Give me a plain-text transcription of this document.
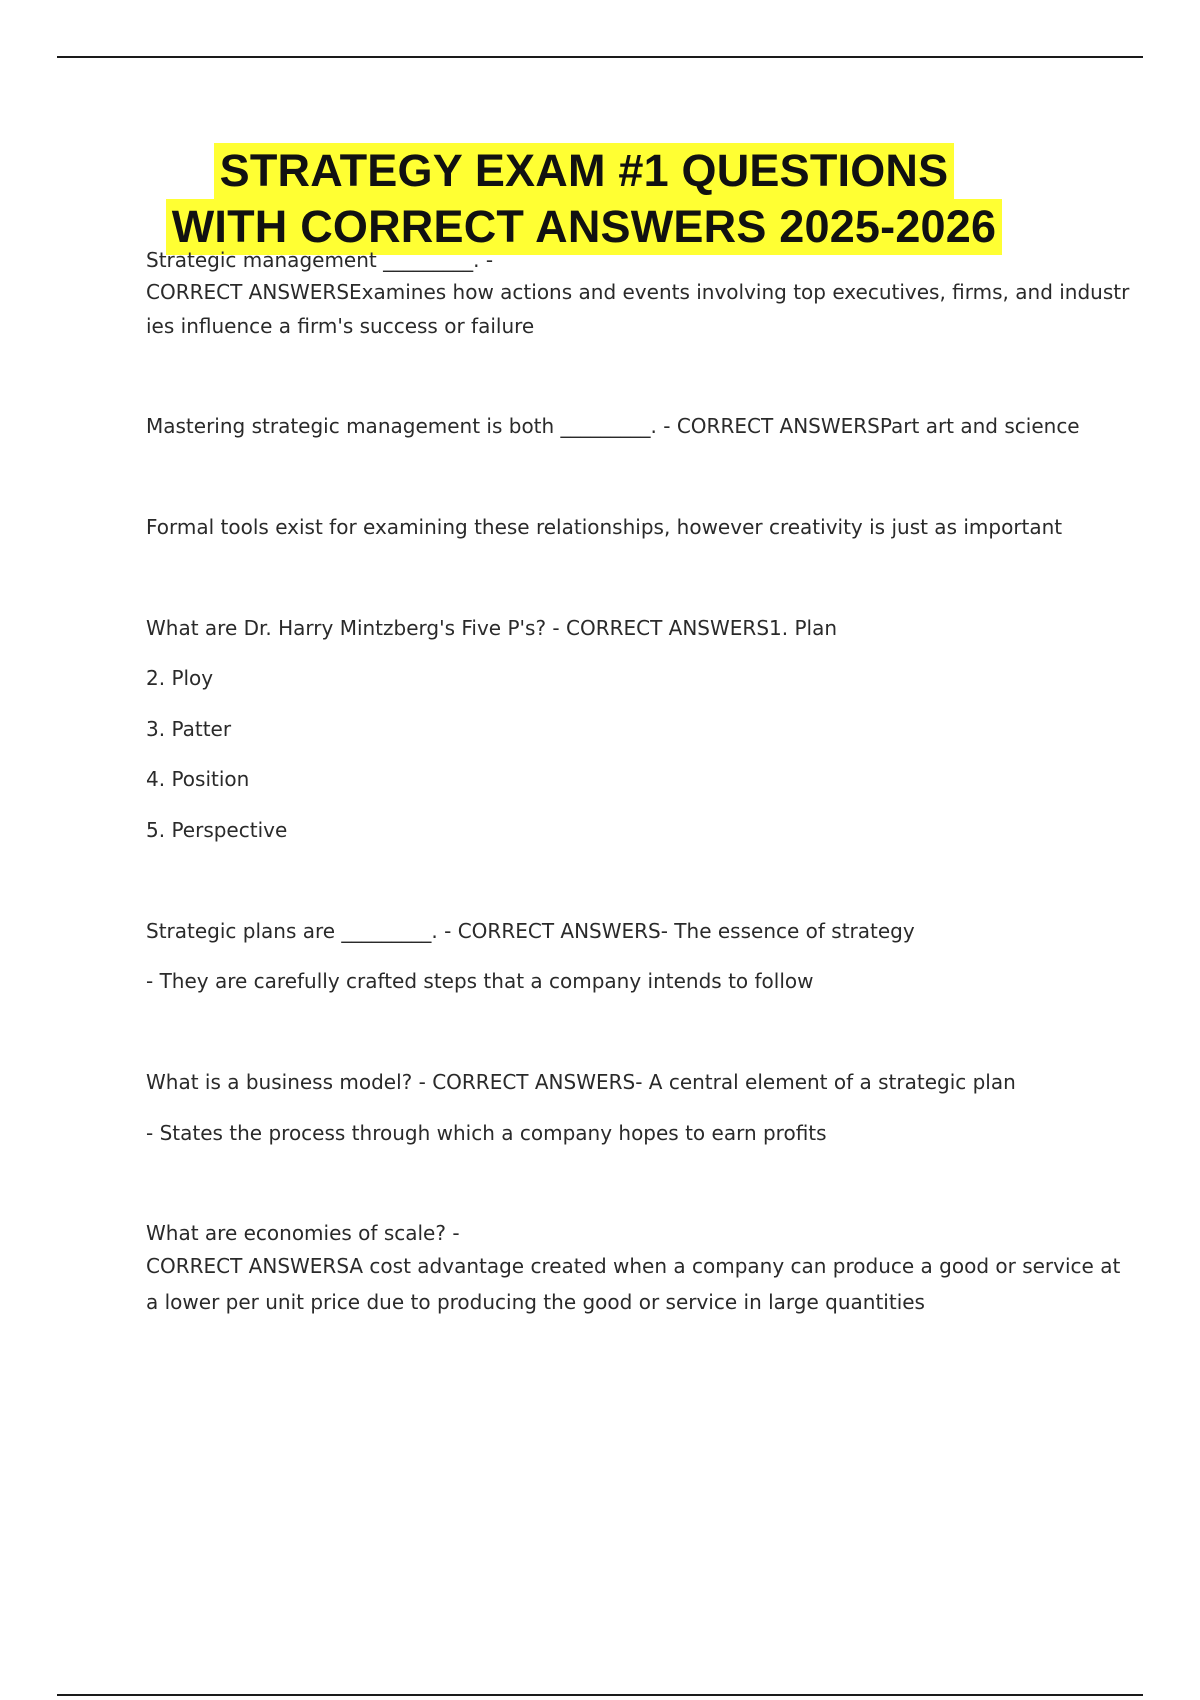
STRATEGY EXAM #1 QUESTIONS
WITH CORRECT ANSWERS 2025-2026
Strategic management _________. -
CORRECT ANSWERSExamines how actions and events involving top executives, firms, and industr
ies influence a firm's success or failure
Mastering strategic management is both _________. - CORRECT ANSWERSPart art and science
Formal tools exist for examining these relationships, however creativity is just as important
What are Dr. Harry Mintzberg's Five P's? - CORRECT ANSWERS1. Plan
2. Ploy
3. Patter
4. Position
5. Perspective
Strategic plans are _________. - CORRECT ANSWERS- The essence of strategy
- They are carefully crafted steps that a company intends to follow
What is a business model? - CORRECT ANSWERS- A central element of a strategic plan
- States the process through which a company hopes to earn profits
What are economies of scale? -
CORRECT ANSWERSA cost advantage created when a company can produce a good or service at
a lower per unit price due to producing the good or service in large quantities
